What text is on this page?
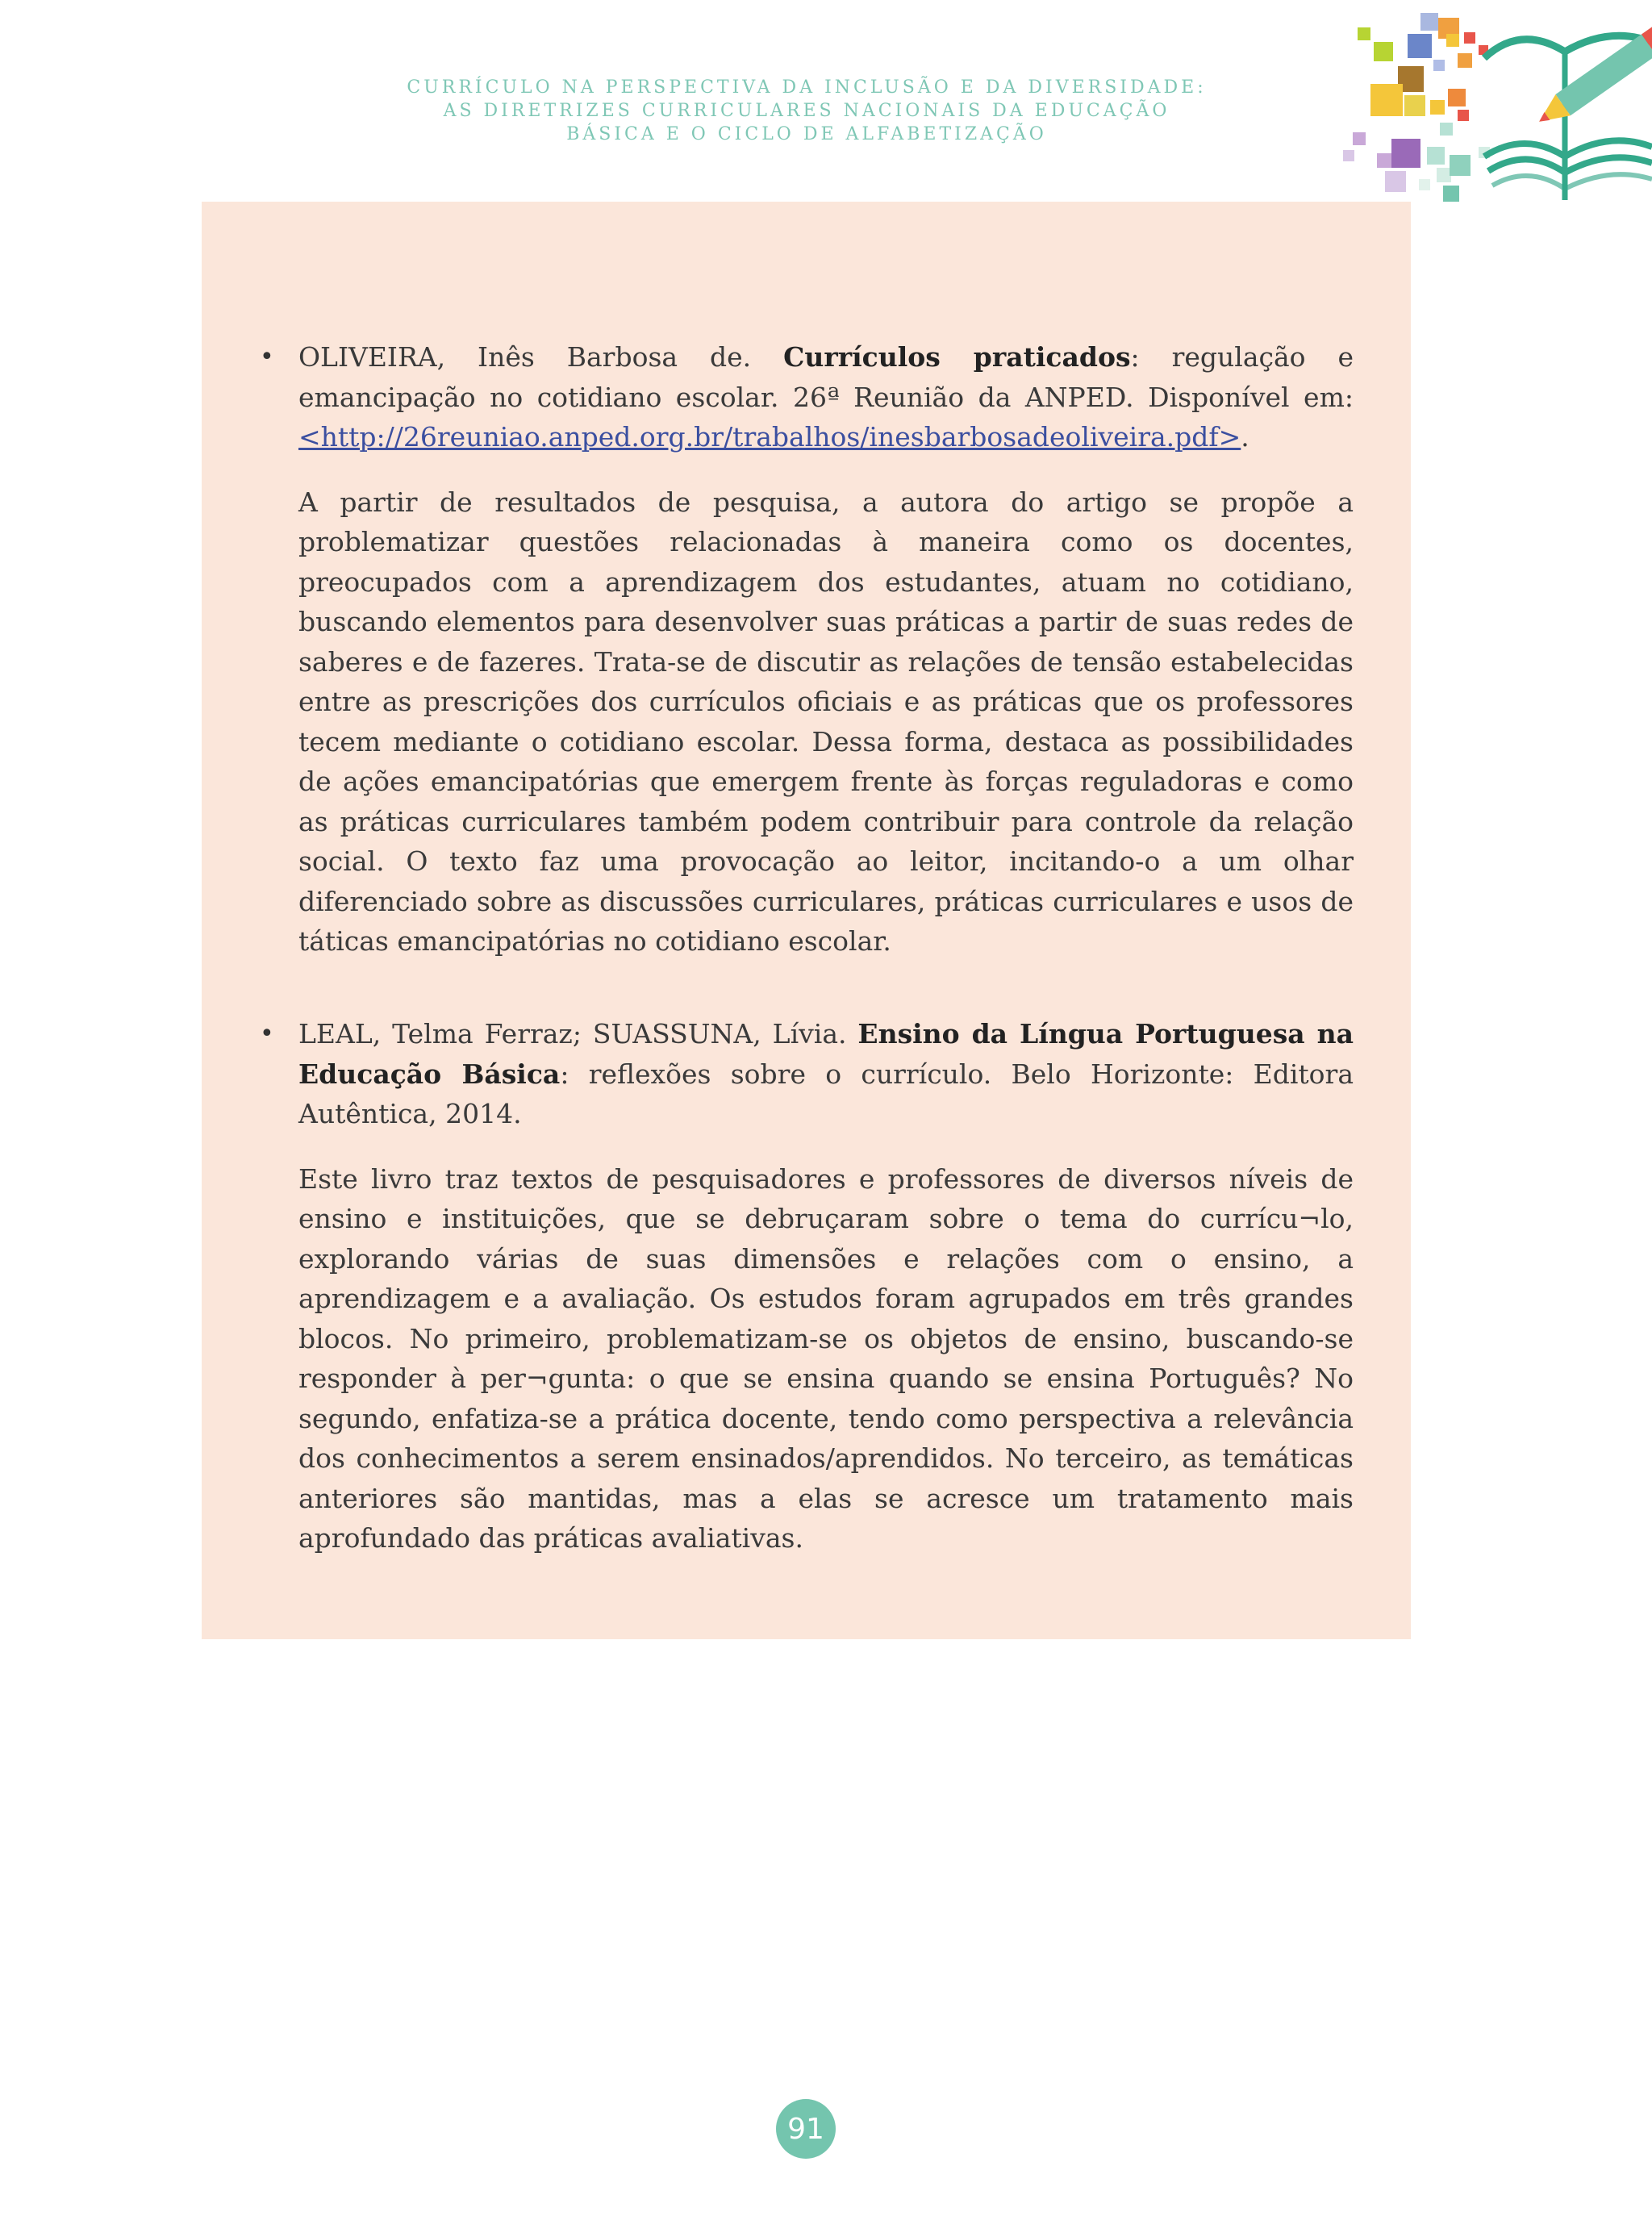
CURRÍCULO NA PERSPECTIVA DA INCLUSÃO E DA DIVERSIDADE:
AS DIRETRIZES CURRICULARES NACIONAIS DA EDUCAÇÃO
BÁSICA E O CICLO DE ALFABETIZAÇÃO

• OLIVEIRA, Inês Barbosa de. Currículos praticados: regulação e emancipação no cotidiano escolar. 26ª Reunião da ANPED. Disponível em: <http://26reuniao.anped.org.br/trabalhos/inesbarbosadeoliveira.pdf>.

A partir de resultados de pesquisa, a autora do artigo se propõe a problematizar questões relacionadas à maneira como os docentes, preocupados com a aprendizagem dos estudantes, atuam no cotidiano, buscando elementos para desenvolver suas práticas a partir de suas redes de saberes e de fazeres. Trata-se de discutir as relações de tensão estabelecidas entre as prescrições dos currículos oficiais e as práticas que os professores tecem mediante o cotidiano escolar. Dessa forma, destaca as possibilidades de ações emancipatórias que emergem frente às forças reguladoras e como as práticas curriculares também podem contribuir para controle da relação social. O texto faz uma provocação ao leitor, incitando-o a um olhar diferenciado sobre as discussões curriculares, práticas curriculares e usos de táticas emancipatórias no cotidiano escolar.

• LEAL, Telma Ferraz; SUASSUNA, Lívia. Ensino da Língua Portuguesa na Educação Básica: reflexões sobre o currículo. Belo Horizonte: Editora Autêntica, 2014.

Este livro traz textos de pesquisadores e professores de diversos níveis de ensino e instituições, que se debruçaram sobre o tema do currícu¬lo, explorando várias de suas dimensões e relações com o ensino, a aprendizagem e a avaliação. Os estudos foram agrupados em três grandes blocos. No primeiro, problematizam-se os objetos de ensino, buscando-se responder à per¬gunta: o que se ensina quando se ensina Português? No segundo, enfatiza-se a prática docente, tendo como perspectiva a relevância dos conhecimentos a serem ensinados/aprendidos. No terceiro, as temáticas anteriores são mantidas, mas a elas se acresce um tratamento mais aprofundado das práticas avaliativas.

91
